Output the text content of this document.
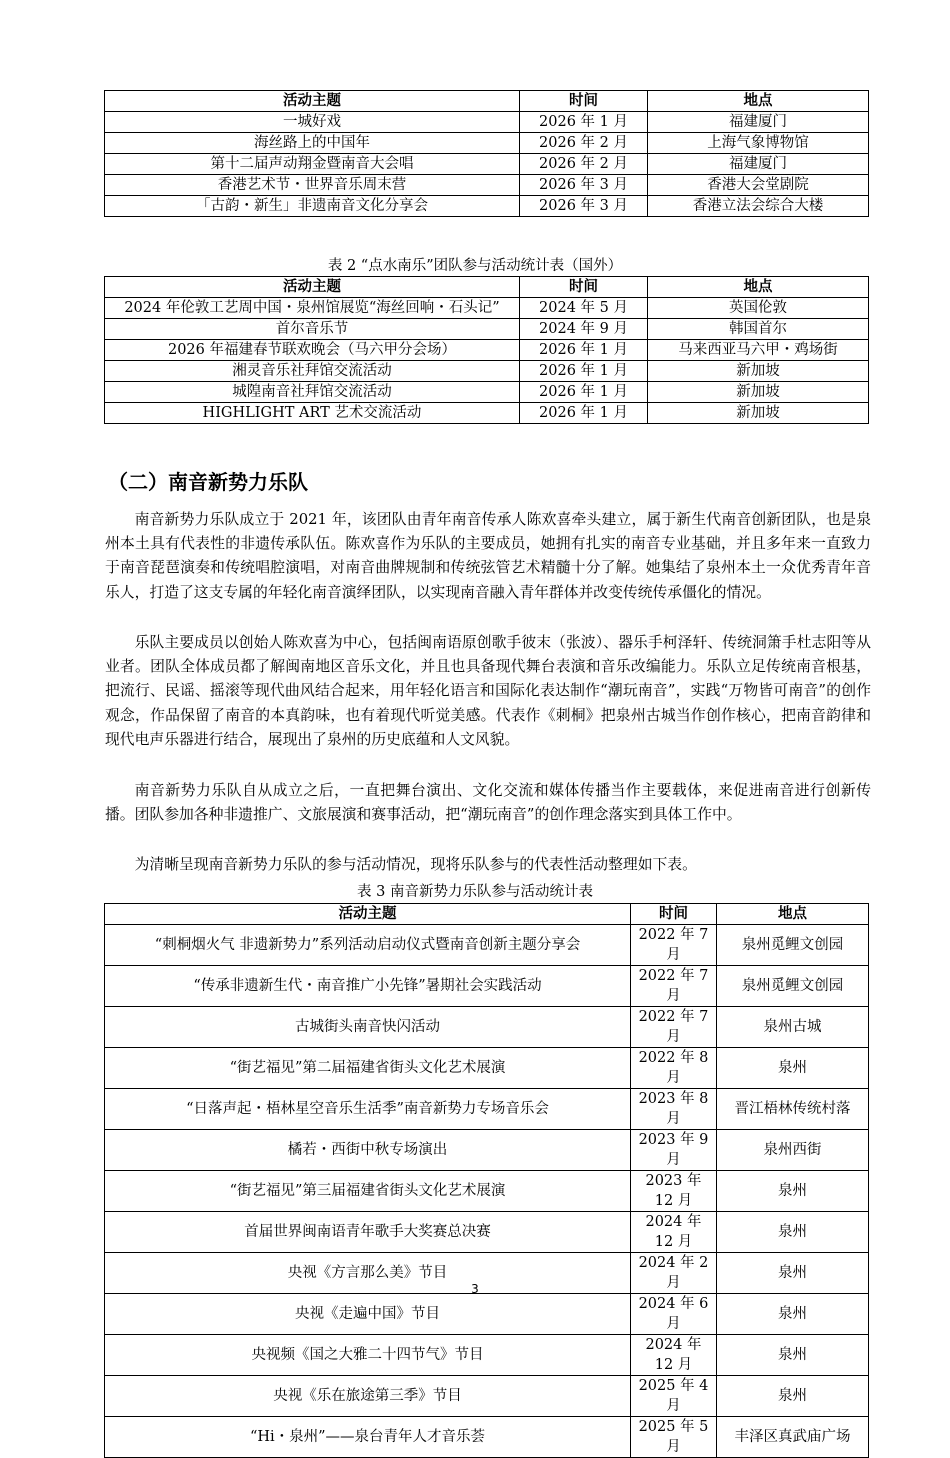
活动主题	时间	地点
一城好戏	2026 年 1 月	福建厦门
海丝路上的中国年	2026 年 2 月	上海气象博物馆
第十二届声动翔金暨南音大会唱	2026 年 2 月	福建厦门
香港艺术节・世界音乐周末营	2026 年 3 月	香港大会堂剧院
「古韵・新生」非遗南音文化分享会	2026 年 3 月	香港立法会综合大楼
表 2 “点水南乐”团队参与活动统计表（国外）
活动主题	时间	地点
2024 年伦敦工艺周中国・泉州馆展览“海丝回响・石头记”	2024 年 5 月	英国伦敦
首尔音乐节	2024 年 9 月	韩国首尔
2026 年福建春节联欢晚会（马六甲分会场）	2026 年 1 月	马来西亚马六甲・鸡场街
湘灵音乐社拜馆交流活动	2026 年 1 月	新加坡
城隍南音社拜馆交流活动	2026 年 1 月	新加坡
HIGHLIGHT ART 艺术交流活动	2026 年 1 月	新加坡
（二）南音新势力乐队

南音新势力乐队成立于 2021 年，该团队由青年南音传承人陈欢喜牵头建立，属于新生代南音创新团队，也是泉州本土具有代表性的非遗传承队伍。陈欢喜作为乐队的主要成员，她拥有扎实的南音专业基础，并且多年来一直致力于南音琵琶演奏和传统唱腔演唱，对南音曲牌规制和传统弦管艺术精髓十分了解。她集结了泉州本土一众优秀青年音乐人，打造了这支专属的年轻化南音演绎团队，以实现南音融入青年群体并改变传统传承僵化的情况。

乐队主要成员以创始人陈欢喜为中心，包括闽南语原创歌手彼末（张波）、器乐手柯泽轩、传统洞箫手杜志阳等从业者。团队全体成员都了解闽南地区音乐文化，并且也具备现代舞台表演和音乐改编能力。乐队立足传统南音根基，把流行、民谣、摇滚等现代曲风结合起来，用年轻化语言和国际化表达制作“潮玩南音”，实践“万物皆可南音”的创作观念，作品保留了南音的本真韵味，也有着现代听觉美感。代表作《刺桐》把泉州古城当作创作核心，把南音韵律和现代电声乐器进行结合，展现出了泉州的历史底蕴和人文风貌。

南音新势力乐队自从成立之后，一直把舞台演出、文化交流和媒体传播当作主要载体，来促进南音进行创新传播。团队参加各种非遗推广、文旅展演和赛事活动，把“潮玩南音”的创作理念落实到具体工作中。

为清晰呈现南音新势力乐队的参与活动情况，现将乐队参与的代表性活动整理如下表。

表 3 南音新势力乐队参与活动统计表
活动主题	时间	地点
“刺桐烟火气 非遗新势力”系列活动启动仪式暨南音创新主题分享会	2022 年 7 月	泉州觅鲤文创园
“传承非遗新生代・南音推广小先锋”暑期社会实践活动	2022 年 7 月	泉州觅鲤文创园
古城街头南音快闪活动	2022 年 7 月	泉州古城
“街艺福见”第二届福建省街头文化艺术展演	2022 年 8 月	泉州
“日落声起・梧林星空音乐生活季”南音新势力专场音乐会	2023 年 8 月	晋江梧林传统村落
橘若・西街中秋专场演出	2023 年 9 月	泉州西街
“街艺福见”第三届福建省街头文化艺术展演	2023 年 12 月	泉州
首届世界闽南语青年歌手大奖赛总决赛	2024 年 12 月	泉州
央视《方言那么美》节目	2024 年 2 月	泉州
央视《走遍中国》节目	2024 年 6 月	泉州
央视频《国之大雅二十四节气》节目	2024 年 12 月	泉州
央视《乐在旅途第三季》节目	2025 年 4 月	泉州
“Hi・泉州”——泉台青年人才音乐荟	2025 年 5 月	丰泽区真武庙广场
3
